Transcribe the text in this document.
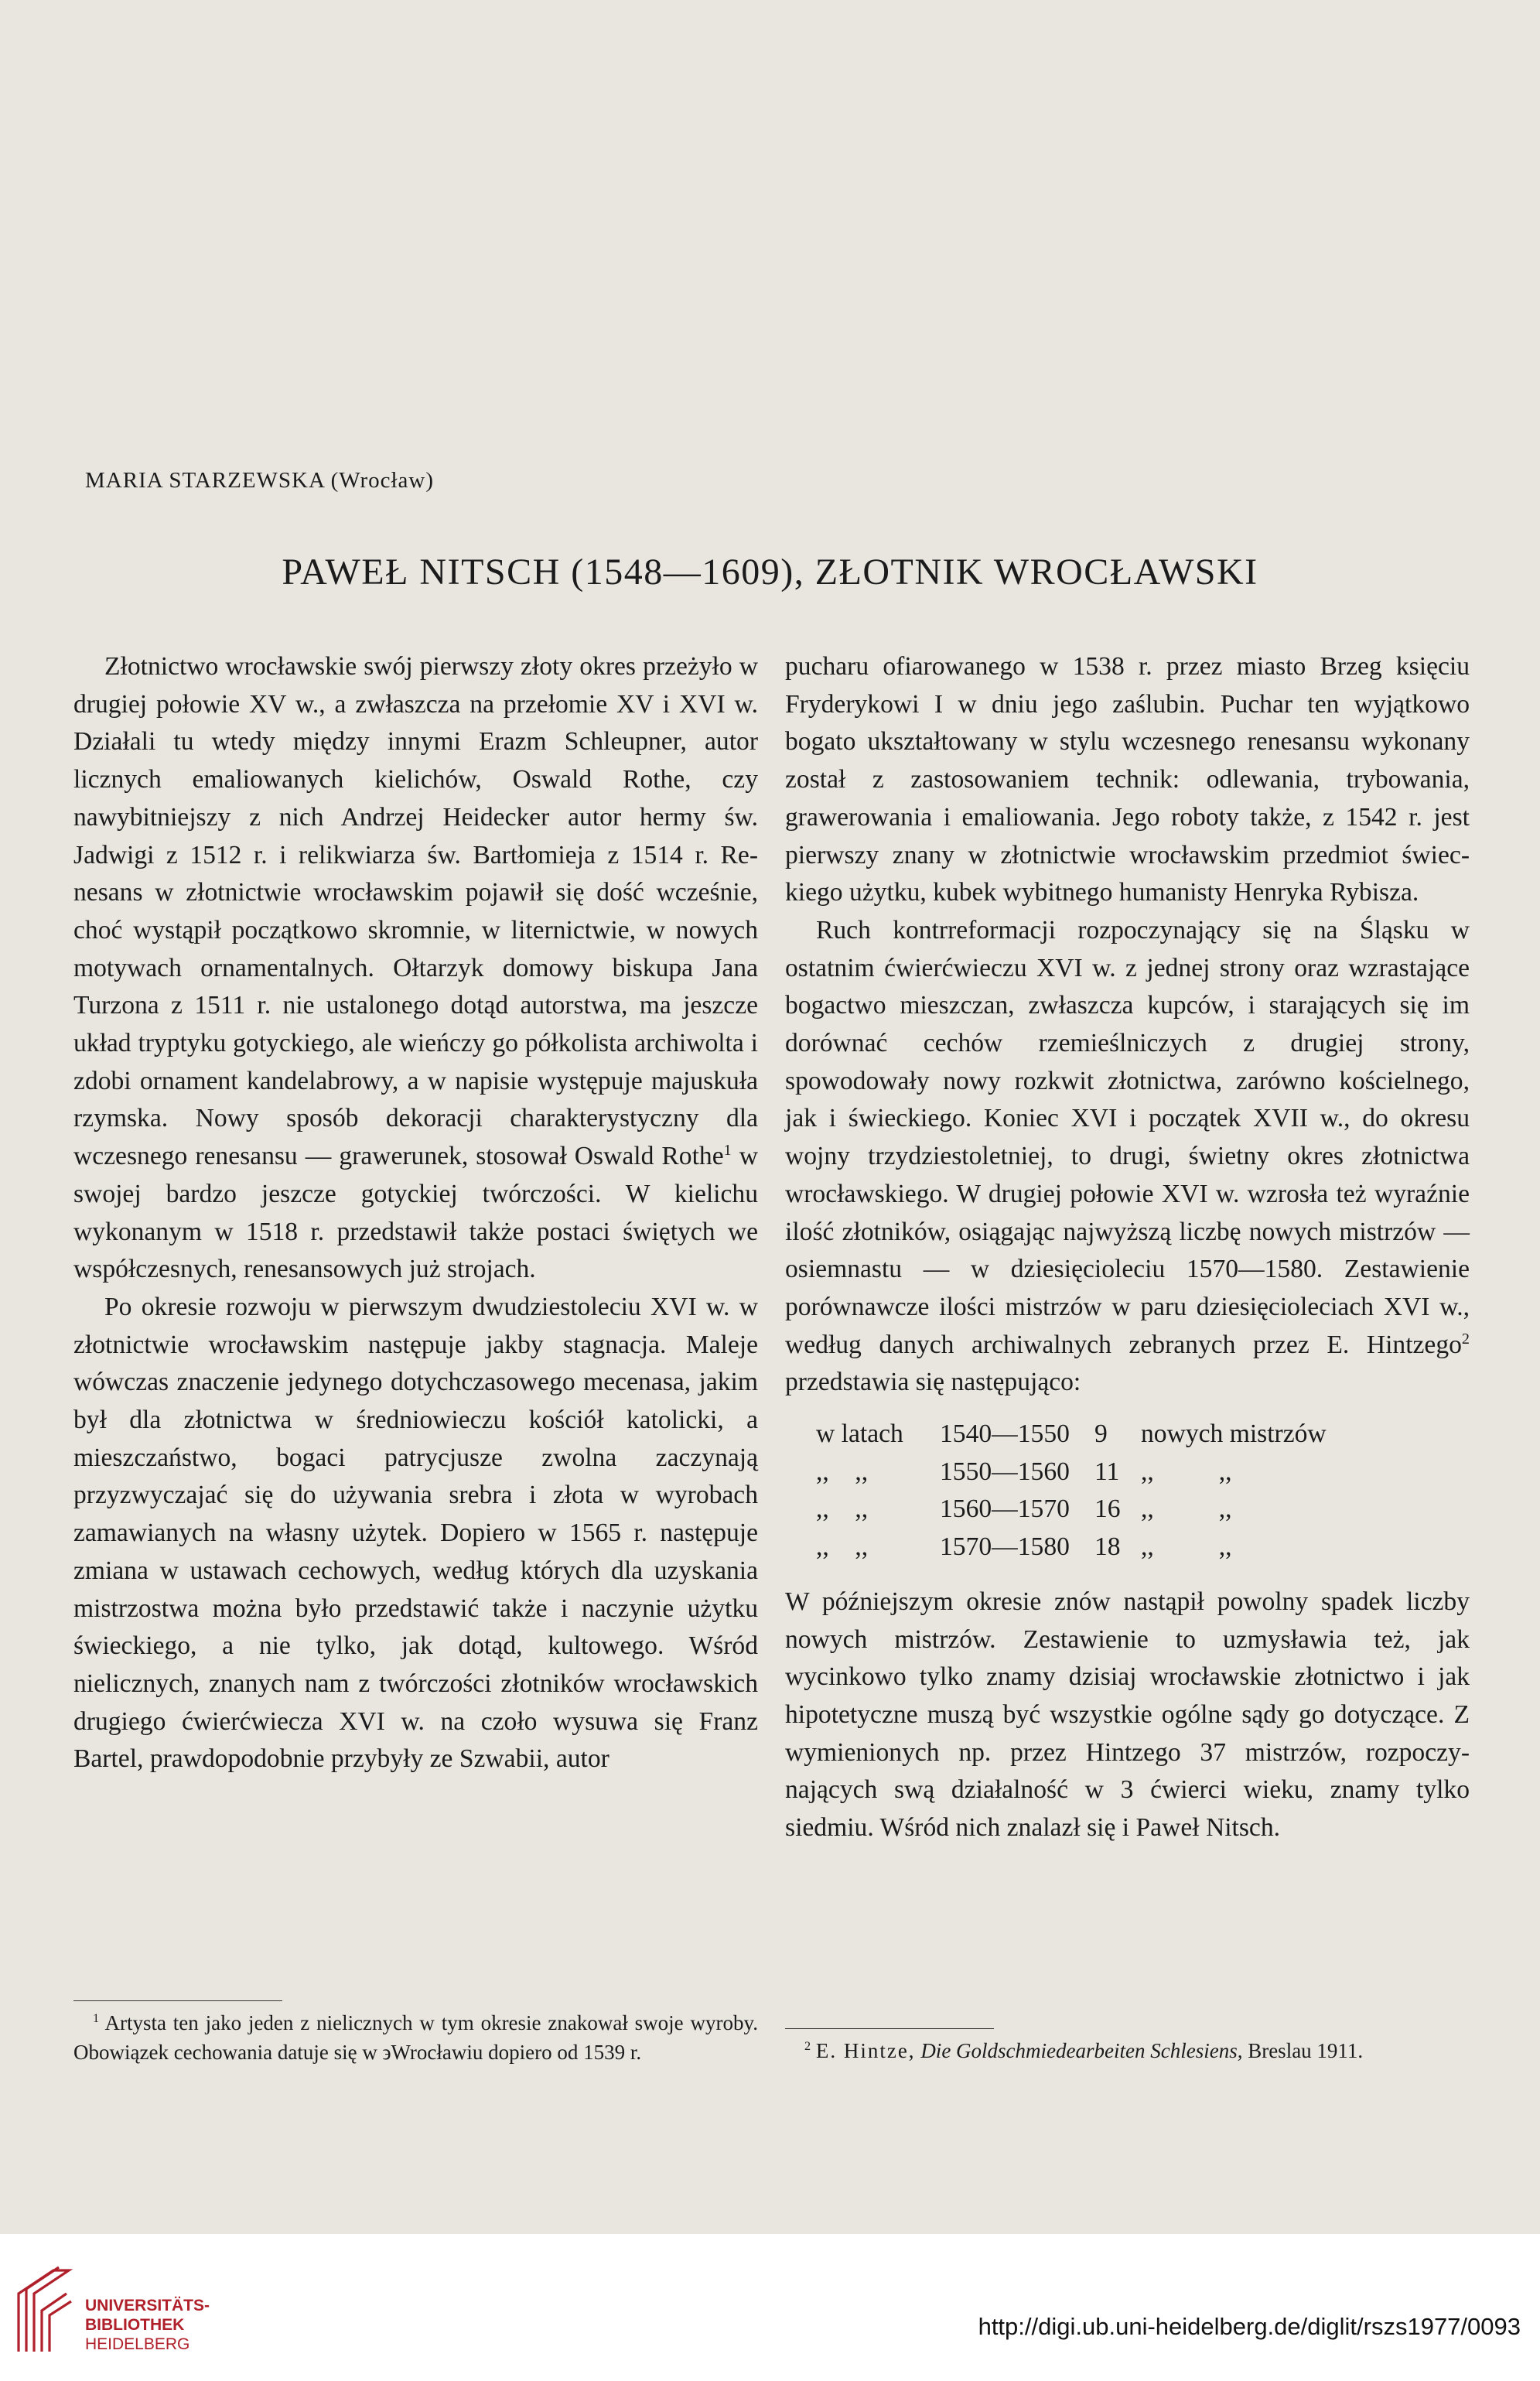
MARIA STARZEWSKA (Wrocław)
PAWEŁ NITSCH (1548—1609), ZŁOTNIK WROCŁAWSKI

Złotnictwo wrocławskie swój pierwszy złoty okres przeżyło w drugiej połowie XV w., a zwłaszcza na przełomie XV i XVI w. Działali tu wtedy między innymi Erazm Schleupner, autor licznych emaliowanych kielichów, Oswald Rothe, czy nawybitniejszy z nich Andrzej Heidecker autor hermy św. Jadwigi z 1512 r. i relikwiarza św. Bartłomieja z 1514 r. Renesans w złotnictwie wrocławskim pojawił się dość wcześnie, choć wystąpił początkowo skromnie, w liternictwie, w nowych motywach ornamentalnych. Ołtarzyk domowy biskupa Jana Turzona z 1511 r. nie ustalonego dotąd autorstwa, ma jeszcze układ tryptyku gotyckiego, ale wieńczy go półkolista archiwolta i zdobi ornament kandelabrowy, a w napisie występuje majuskuła rzymska. Nowy sposób dekoracji charakterystyczny dla wczesnego renesansu — grawerunek, stosował Oswald Rothe$^1$ w swojej bardzo jeszcze gotyckiej twórczości. W kielichu wykonanym w 1518 r. przedstawił także postaci świętych we współczesnych, renesansowych już strojach.

Po okresie rozwoju w pierwszym dwudziestoleciu XVI w. w złotnictwie wrocławskim następuje jakby stagnacja. Maleje wówczas znaczenie jedynego dotychczasowego mecenasa, jakim był dla złotnictwa w średniowieczu kościół katolicki, a mieszczaństwo, bogaci patrycjusze zwolna zaczynają przyzwyczajać się do używania srebra i złota w wyrobach zamawianych na własny użytek. Dopiero w 1565 r. następuje zmiana w ustawach cechowych, według których dla uzyskania mistrzostwa można było przedstawić także i naczynie użytku świeckiego, a nie tylko, jak dotąd, kultowego. Wśród nielicznych, znanych nam z twórczości złotników wrocławskich drugiego ćwierćwiecza XVI w. na czoło wysuwa się Franz Bartel, prawdopodobnie przybyły ze Szwabii, autor

pucharu ofiarowanego w 1538 r. przez miasto Brzeg księciu Fryderykowi I w dniu jego zaślubin. Puchar ten wyjątkowo bogato ukształtowany w stylu wczesnego renesansu wykonany został z zastosowaniem technik: odlewania, trybowania, grawerowania i emaliowania. Jego roboty także, z 1542 r. jest pierwszy znany w złotnictwie wrocławskim przedmiot świeckiego użytku, kubek wybitnego humanisty Henryka Rybisza.

Ruch kontrreformacji rozpoczynający się na Śląsku w ostatnim ćwierćwieczu XVI w. z jednej strony oraz wzrastające bogactwo mieszczan, zwłaszcza kupców, i starających się im dorównać cechów rzemieślniczych z drugiej strony, spowodowały nowy rozkwit złotnictwa, zarówno kościelnego, jak i świeckiego. Koniec XVI i początek XVII w., do okresu wojny trzydziestoletniej, to drugi, świetny okres złotnictwa wrocławskiego. W drugiej połowie XVI w. wzrosła też wyraźnie ilość złotników, osiągając najwyższą liczbę nowych mistrzów — osiemnastu — w dziesięcioleciu 1570—1580. Zestawienie porównawcze ilości mistrzów w paru dziesięcioleciach XVI w., według danych archiwalnych zebranych przez E. Hintzego$^2$ przedstawia się następująco:

w latach	1540—1550	9	nowych mistrzów
,,    ,,	1550—1560	11	,,          ,,
,,    ,,	1560—1570	16	,,          ,,
,,    ,,	1570—1580	18	,,          ,,

W późniejszym okresie znów nastąpił powolny spadek liczby nowych mistrzów. Zestawienie to uzmysławia też, jak wycinkowo tylko znamy dzisiaj wrocławskie złotnictwo i jak hipotetyczne muszą być wszystkie ogólne sądy go dotyczące. Z wymienionych np. przez Hintzego 37 mistrzów, rozpoczynających swą działalność w 3 ćwierci wieku, znamy tylko siedmiu. Wśród nich znalazł się i Paweł Nitsch.

$^1$ Artysta ten jako jeden z nielicznych w tym okresie znakował swoje wyroby. Obowiązek cechowania datuje się w ϶Wrocławiu dopiero od 1539 r.	$^2$ E. Hintze, Die Goldschmiedearbeiten Schlesiens, Breslau 1911.
UNIVERSITÄTS-
BIBLIOTHEK
HEIDELBERG
http://digi.ub.uni-heidelberg.de/diglit/rszs1977/0093
